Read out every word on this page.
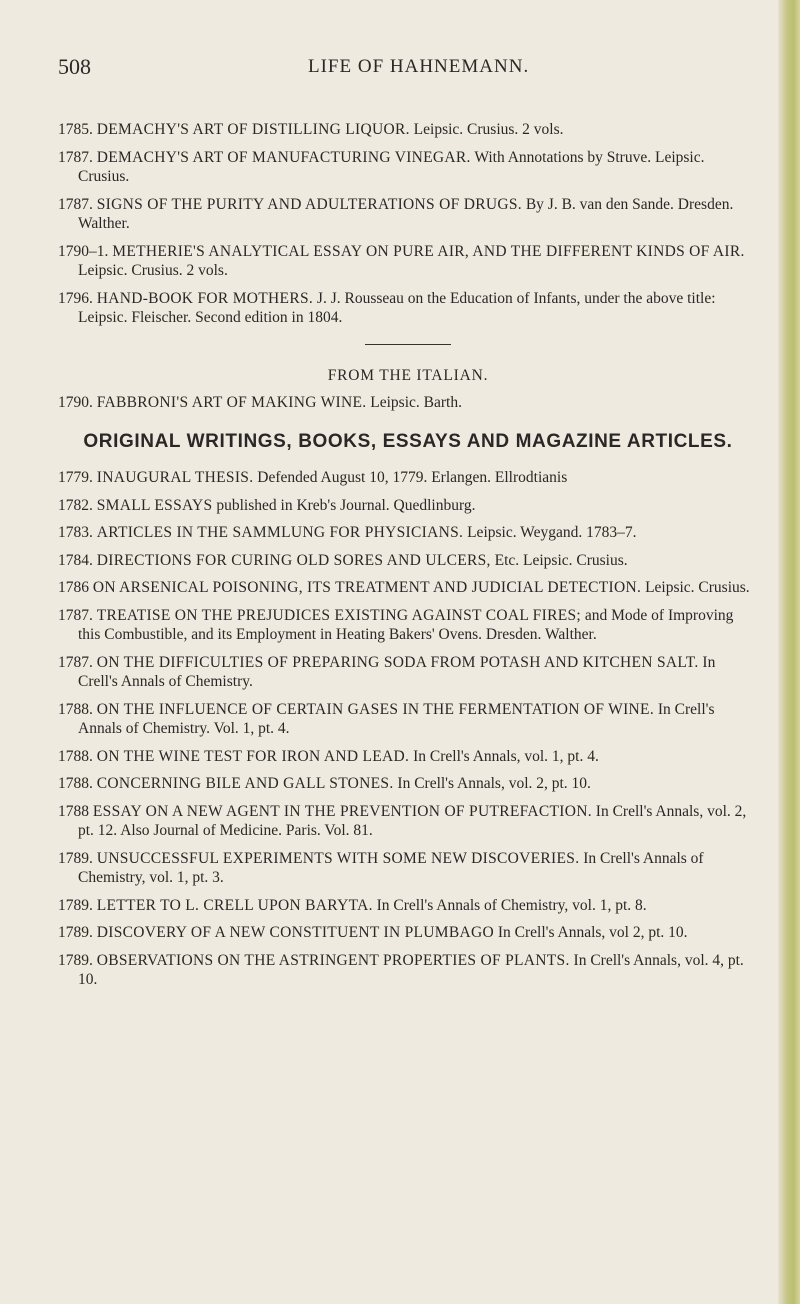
508	LIFE OF HAHNEMANN.

1785. DEMACHY'S ART OF DISTILLING LIQUOR. Leipsic. Crusius. 2 vols.

1787. DEMACHY'S ART OF MANUFACTURING VINEGAR. With Annotations by Struve. Leipsic. Crusius.

1787. SIGNS OF THE PURITY AND ADULTERATIONS OF DRUGS. By J. B. van den Sande. Dresden. Walther.

1790–1. METHERIE'S ANALYTICAL ESSAY ON PURE AIR, AND THE DIFFERENT KINDS OF AIR. Leipsic. Crusius. 2 vols.

1796. HAND-BOOK FOR MOTHERS. J. J. Rousseau on the Education of Infants, under the above title: Leipsic. Fleischer. Second edition in 1804.

FROM THE ITALIAN.

1790. FABBRONI'S ART OF MAKING WINE. Leipsic. Barth.

ORIGINAL WRITINGS, BOOKS, ESSAYS AND MAGAZINE ARTICLES.

1779. INAUGURAL THESIS. Defended August 10, 1779. Erlangen. Ellrodtianis

1782. SMALL ESSAYS published in Kreb's Journal. Quedlinburg.

1783. ARTICLES IN THE SAMMLUNG FOR PHYSICIANS. Leipsic. Weygand. 1783–7.

1784. DIRECTIONS FOR CURING OLD SORES AND ULCERS, Etc. Leipsic. Crusius.

1786 ON ARSENICAL POISONING, ITS TREATMENT AND JUDICIAL DETECTION. Leipsic. Crusius.

1787. TREATISE ON THE PREJUDICES EXISTING AGAINST COAL FIRES; and Mode of Improving this Combustible, and its Employment in Heating Bakers' Ovens. Dresden. Walther.

1787. ON THE DIFFICULTIES OF PREPARING SODA FROM POTASH AND KITCHEN SALT. In Crell's Annals of Chemistry.

1788. ON THE INFLUENCE OF CERTAIN GASES IN THE FERMENTATION OF WINE. In Crell's Annals of Chemistry. Vol. 1, pt. 4.

1788. ON THE WINE TEST FOR IRON AND LEAD. In Crell's Annals, vol. 1, pt. 4.

1788. CONCERNING BILE AND GALL STONES. In Crell's Annals, vol. 2, pt. 10.

1788 ESSAY ON A NEW AGENT IN THE PREVENTION OF PUTREFACTION. In Crell's Annals, vol. 2, pt. 12. Also Journal of Medicine. Paris. Vol. 81.

1789. UNSUCCESSFUL EXPERIMENTS WITH SOME NEW DISCOVERIES. In Crell's Annals of Chemistry, vol. 1, pt. 3.

1789. LETTER TO L. CRELL UPON BARYTA. In Crell's Annals of Chemistry, vol. 1, pt. 8.

1789. DISCOVERY OF A NEW CONSTITUENT IN PLUMBAGO In Crell's Annals, vol 2, pt. 10.

1789. OBSERVATIONS ON THE ASTRINGENT PROPERTIES OF PLANTS. In Crell's Annals, vol. 4, pt. 10.
